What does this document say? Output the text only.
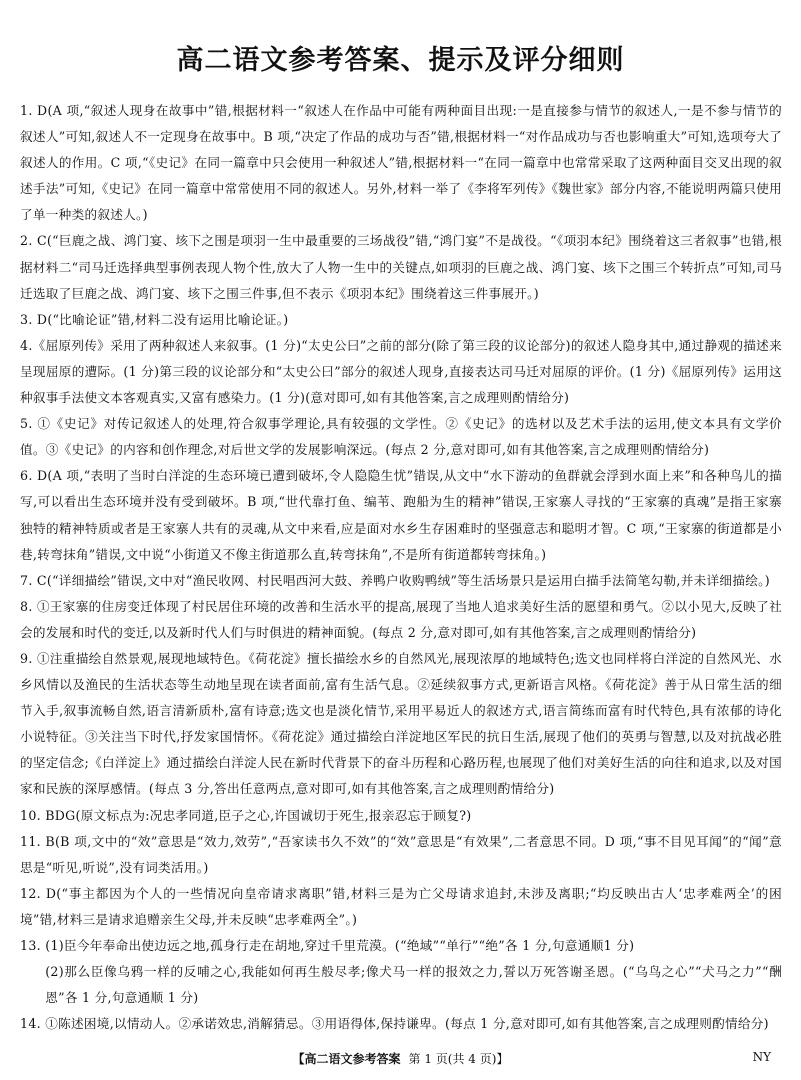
高二语文参考答案、提示及评分细则

1. D(A 项,“叙述人现身在故事中”错,根据材料一“叙述人在作品中可能有两种面目出现:一是直接参与情节的叙述人,一是不参与情节的叙述人”可知,叙述人不一定现身在故事中。B 项,“决定了作品的成功与否”错,根据材料一“对作品成功与否也影响重大”可知,选项夸大了叙述人的作用。C 项,“《史记》在同一篇章中只会使用一种叙述人”错,根据材料一“在同一篇章中也常常采取了这两种面目交叉出现的叙述手法”可知,《史记》在同一篇章中常常使用不同的叙述人。另外,材料一举了《李将军列传》《魏世家》部分内容,不能说明两篇只使用了单一种类的叙述人。)

2. C(“巨鹿之战、鸿门宴、垓下之围是项羽一生中最重要的三场战役”错,“鸿门宴”不是战役。“《项羽本纪》围绕着这三者叙事”也错,根据材料二“司马迁选择典型事例表现人物个性,放大了人物一生中的关键点,如项羽的巨鹿之战、鸿门宴、垓下之围三个转折点”可知,司马迁选取了巨鹿之战、鸿门宴、垓下之围三件事,但不表示《项羽本纪》围绕着这三件事展开。)

3. D(“比喻论证”错,材料二没有运用比喻论证。)

4.《屈原列传》采用了两种叙述人来叙事。(1 分)“太史公曰”之前的部分(除了第三段的议论部分)的叙述人隐身其中,通过静观的描述来呈现屈原的遭际。(1 分)第三段的议论部分和“太史公曰”部分的叙述人现身,直接表达司马迁对屈原的评价。(1 分)《屈原列传》运用这种叙事手法使文本客观真实,又富有感染力。(1 分)(意对即可,如有其他答案,言之成理则酌情给分)

5. ①《史记》对传记叙述人的处理,符合叙事学理论,具有较强的文学性。②《史记》的选材以及艺术手法的运用,使文本具有文学价值。③《史记》的内容和创作理念,对后世文学的发展影响深远。(每点 2 分,意对即可,如有其他答案,言之成理则酌情给分)

6. D(A 项,“表明了当时白洋淀的生态环境已遭到破坏,令人隐隐生忧”错误,从文中“水下游动的鱼群就会浮到水面上来”和各种鸟儿的描写,可以看出生态环境并没有受到破坏。B 项,“世代靠打鱼、编苇、跑船为生的精神”错误,王家寨人寻找的“王家寨的真魂”是指王家寨独特的精神特质或者是王家寨人共有的灵魂,从文中来看,应是面对水乡生存困难时的坚强意志和聪明才智。C 项,“王家寨的街道都是小巷,转弯抹角”错误,文中说“小街道又不像主街道那么直,转弯抹角”,不是所有街道都转弯抹角。)

7. C(“详细描绘”错误,文中对“渔民收网、村民唱西河大鼓、养鸭户收购鸭绒”等生活场景只是运用白描手法简笔勾勒,并未详细描绘。)

8. ①王家寨的住房变迁体现了村民居住环境的改善和生活水平的提高,展现了当地人追求美好生活的愿望和勇气。②以小见大,反映了社会的发展和时代的变迁,以及新时代人们与时俱进的精神面貌。(每点 2 分,意对即可,如有其他答案,言之成理则酌情给分)

9. ①注重描绘自然景观,展现地域特色。《荷花淀》擅长描绘水乡的自然风光,展现浓厚的地域特色;选文也同样将白洋淀的自然风光、水乡风情以及渔民的生活状态等生动地呈现在读者面前,富有生活气息。②延续叙事方式,更新语言风格。《荷花淀》善于从日常生活的细节入手,叙事流畅自然,语言清新质朴,富有诗意;选文也是淡化情节,采用平易近人的叙述方式,语言简练而富有时代特色,具有浓郁的诗化小说特征。③关注当下时代,抒发家国情怀。《荷花淀》通过描绘白洋淀地区军民的抗日生活,展现了他们的英勇与智慧,以及对抗战必胜的坚定信念;《白洋淀上》通过描绘白洋淀人民在新时代背景下的奋斗历程和心路历程,也展现了他们对美好生活的向往和追求,以及对国家和民族的深厚感情。(每点 3 分,答出任意两点,意对即可,如有其他答案,言之成理则酌情给分)

10. BDG(原文标点为:况忠孝同道,臣子之心,许国诚切于死生,报亲忍忘于顾复?)

11. B(B 项,文中的“效”意思是“效力,效劳”,“吾家读书久不效”的“效”意思是“有效果”,二者意思不同。D 项,“事不目见耳闻”的“闻”意思是“听见,听说”,没有词类活用。)

12. D(“事主都因为个人的一些情况向皇帝请求离职”错,材料三是为亡父母请求追封,未涉及离职;“均反映出古人‘忠孝难两全’的困境”错,材料三是请求追赠亲生父母,并未反映“忠孝难两全”。)

13. (1)臣今年奉命出使边远之地,孤身行走在胡地,穿过千里荒漠。(“绝域”“单行”“绝”各 1 分,句意通顺1 分)

(2)那么臣像乌鸦一样的反哺之心,我能如何再生般尽孝;像犬马一样的报效之力,誓以万死答谢圣恩。(“乌鸟之心”“犬马之力”“酬恩”各 1 分,句意通顺 1 分)

14. ①陈述困境,以情动人。②承诺效忠,消解猜忌。③用语得体,保持谦卑。(每点 1 分,意对即可,如有其他答案,言之成理则酌情给分)

【高二语文参考答案 第 1 页(共 4 页)】	NY
